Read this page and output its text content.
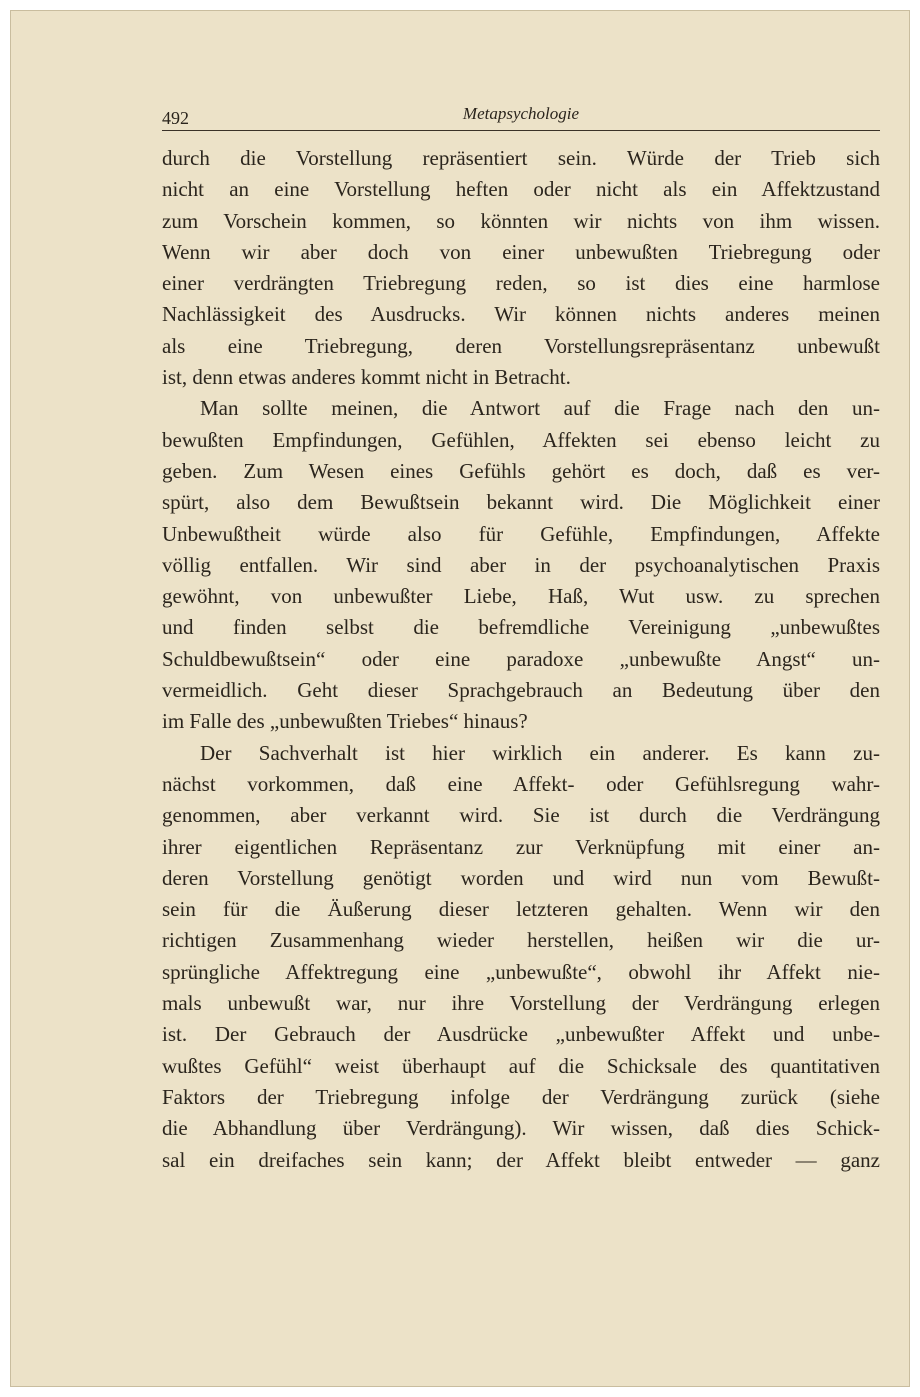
492	Metapsychologie
durch die Vorstellung repräsentiert sein. Würde der Trieb sich
nicht an eine Vorstellung heften oder nicht als ein Affektzustand
zum Vorschein kommen, so könnten wir nichts von ihm wissen.
Wenn wir aber doch von einer unbewußten Triebregung oder
einer verdrängten Triebregung reden, so ist dies eine harmlose
Nachlässigkeit des Ausdrucks. Wir können nichts anderes meinen
als eine Triebregung, deren Vorstellungsrepräsentanz unbewußt
ist, denn etwas anderes kommt nicht in Betracht.
Man sollte meinen, die Antwort auf die Frage nach den un-
bewußten Empfindungen, Gefühlen, Affekten sei ebenso leicht zu
geben. Zum Wesen eines Gefühls gehört es doch, daß es ver-
spürt, also dem Bewußtsein bekannt wird. Die Möglichkeit einer
Unbewußtheit würde also für Gefühle, Empfindungen, Affekte
völlig entfallen. Wir sind aber in der psychoanalytischen Praxis
gewöhnt, von unbewußter Liebe, Haß, Wut usw. zu sprechen
und finden selbst die befremdliche Vereinigung „unbewußtes
Schuldbewußtsein“ oder eine paradoxe „unbewußte Angst“ un-
vermeidlich. Geht dieser Sprachgebrauch an Bedeutung über den
im Falle des „unbewußten Triebes“ hinaus?
Der Sachverhalt ist hier wirklich ein anderer. Es kann zu-
nächst vorkommen, daß eine Affekt- oder Gefühlsregung wahr-
genommen, aber verkannt wird. Sie ist durch die Verdrängung
ihrer eigentlichen Repräsentanz zur Verknüpfung mit einer an-
deren Vorstellung genötigt worden und wird nun vom Bewußt-
sein für die Äußerung dieser letzteren gehalten. Wenn wir den
richtigen Zusammenhang wieder herstellen, heißen wir die ur-
sprüngliche Affektregung eine „unbewußte“, obwohl ihr Affekt nie-
mals unbewußt war, nur ihre Vorstellung der Verdrängung erlegen
ist. Der Gebrauch der Ausdrücke „unbewußter Affekt und unbe-
wußtes Gefühl“ weist überhaupt auf die Schicksale des quantitativen
Faktors der Triebregung infolge der Verdrängung zurück (siehe
die Abhandlung über Verdrängung). Wir wissen, daß dies Schick-
sal ein dreifaches sein kann; der Affekt bleibt entweder — ganz
